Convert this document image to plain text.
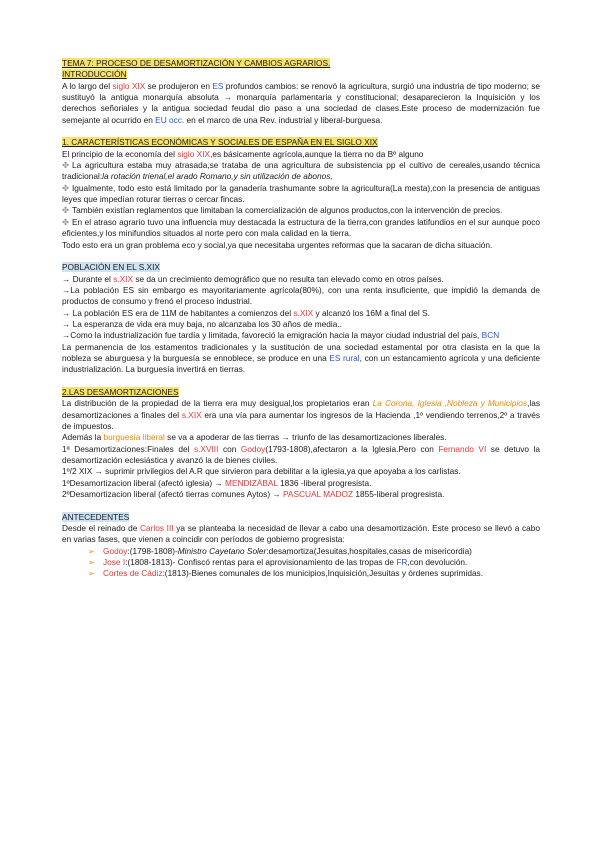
TEMA 7: PROCESO DE DESAMORTIZACIÓN Y CAMBIOS AGRARIOS.

INTRODUCCIÓN

A lo largo del siglo XIX se produjeron en ES profundos cambios: se renovó la agricultura, surgió una industria de tipo moderno; se sustituyó la antigua monarquía absoluta → monarquía parlamentaria y constitucional; desaparecieron la Inquisición y los derechos señoriales y la antigua sociedad feudal dio paso a una sociedad de clases.Este proceso de modernización fue semejante al ocurrido en EU occ. en el marco de una Rev. industrial y liberal-burguesa.

1. CARACTERÍSTICAS ECONÓMICAS Y SOCIALES DE ESPAÑA EN EL SIGLO XIX

El principio de la economía del siglo XIX,es básicamente agrícola,aunque la tierra no da Bº alguno

✤ La agricultura estaba muy atrasada,se trataba de una agricultura de subsistencia pp el cultivo de cereales,usando técnica tradicional:la rotación trienal,el arado Romano,y sin utilización de abonos,

✤ Igualmente, todo esto está limitado por la ganadería trashumante sobre la agricultura(La mesta),con la presencia de antiguas leyes que impedían roturar tierras o cercar fincas.

✤ También existían reglamentos que limitaban la comercialización de algunos productos,con la intervención de precios.

✤ En el atraso agrario tuvo una influencia muy destacada la estructura de la tierra,con grandes latifundios en el sur aunque poco eficientes,y los minifundios situados al norte pero con mala calidad en la tierra.

Todo esto era un gran problema eco y social,ya que necesitaba urgentes reformas que la sacaran de dicha situación.

POBLACIÓN EN EL S.XIX

→ Durante el s.XIX se da un crecimiento demográfico que no resulta tan elevado como en otros países.

→La población ES sin embargo es mayoritariamente agrícola(80%), con una renta insuficiente, que impidió la demanda de productos de consumo y frenó el proceso industrial.

→ La población ES era de 11M de habitantes a comienzos del s.XIX y alcanzó los 16M a final del S.

→ La esperanza de vida era muy baja, no alcanzaba los 30 años de media..

→Como la industrialización fue tardía y limitada, favoreció la emigración hacia la mayor ciudad industrial del país, BCN

La permanencia de los estamentos tradicionales y la sustitución de una sociedad estamental por otra clasista en la que la nobleza se aburguesa y la burguesía se ennoblece, se produce en una ES rural, con un estancamiento agrícola y una deficiente industrialización. La burguesía invertirá en tierras.

2.LAS DESAMORTIZACIONES

La distribución de la propiedad de la tierra era muy desigual,los propietarios eran La Corona, Iglesia ,Nobleza y Municipios,las desamortizaciones a finales del s.XIX era una vía para aumentar los ingresos de la Hacienda ,1º vendiendo terrenos,2º a través de impuestos.

Además la burguesía liberal se va a apoderar de las tierras → triunfo de las desamortizaciones liberales.

1ª Desamortizaciones:Finales del s.XVIII con Godoy(1793-1808),afectaron a la Iglesia.Pero con Fernando VI se detuvo la desamortización eclesiástica y avanzó la de bienes civiles.

1º/2 XIX → suprimir privilegios del A.R que sirvieron para debilitar a la iglesia,ya que apoyaba a los carlistas.

1ºDesamortizacion liberal (afectó iglesia) → MENDIZÁBAL 1836 -liberal progresista.

2ºDesamortizacion liberal (afectó tierras comunes Aytos) → PASCUAL MADOZ 1855-liberal progresista.

ANTECEDENTES

Desde el reinado de Carlos III ya se planteaba la necesidad de llevar a cabo una desamortización. Este proceso se llevó a cabo en varias fases, que vienen a coincidir con períodos de gobierno progresista:

➢ Godoy:(1798-1808)-Ministro Cayetano Soler:desamortiza(Jesuitas,hospitales,casas de misericordia)

➢ Jose I:(1808-1813)- Confiscó rentas para el aprovisionamiento de las tropas de FR,con devolución.

➢ Cortes de Cádiz:(1813)-Bienes comunales de los municipios,Inquisición,Jesuitas y órdenes suprimidas.
